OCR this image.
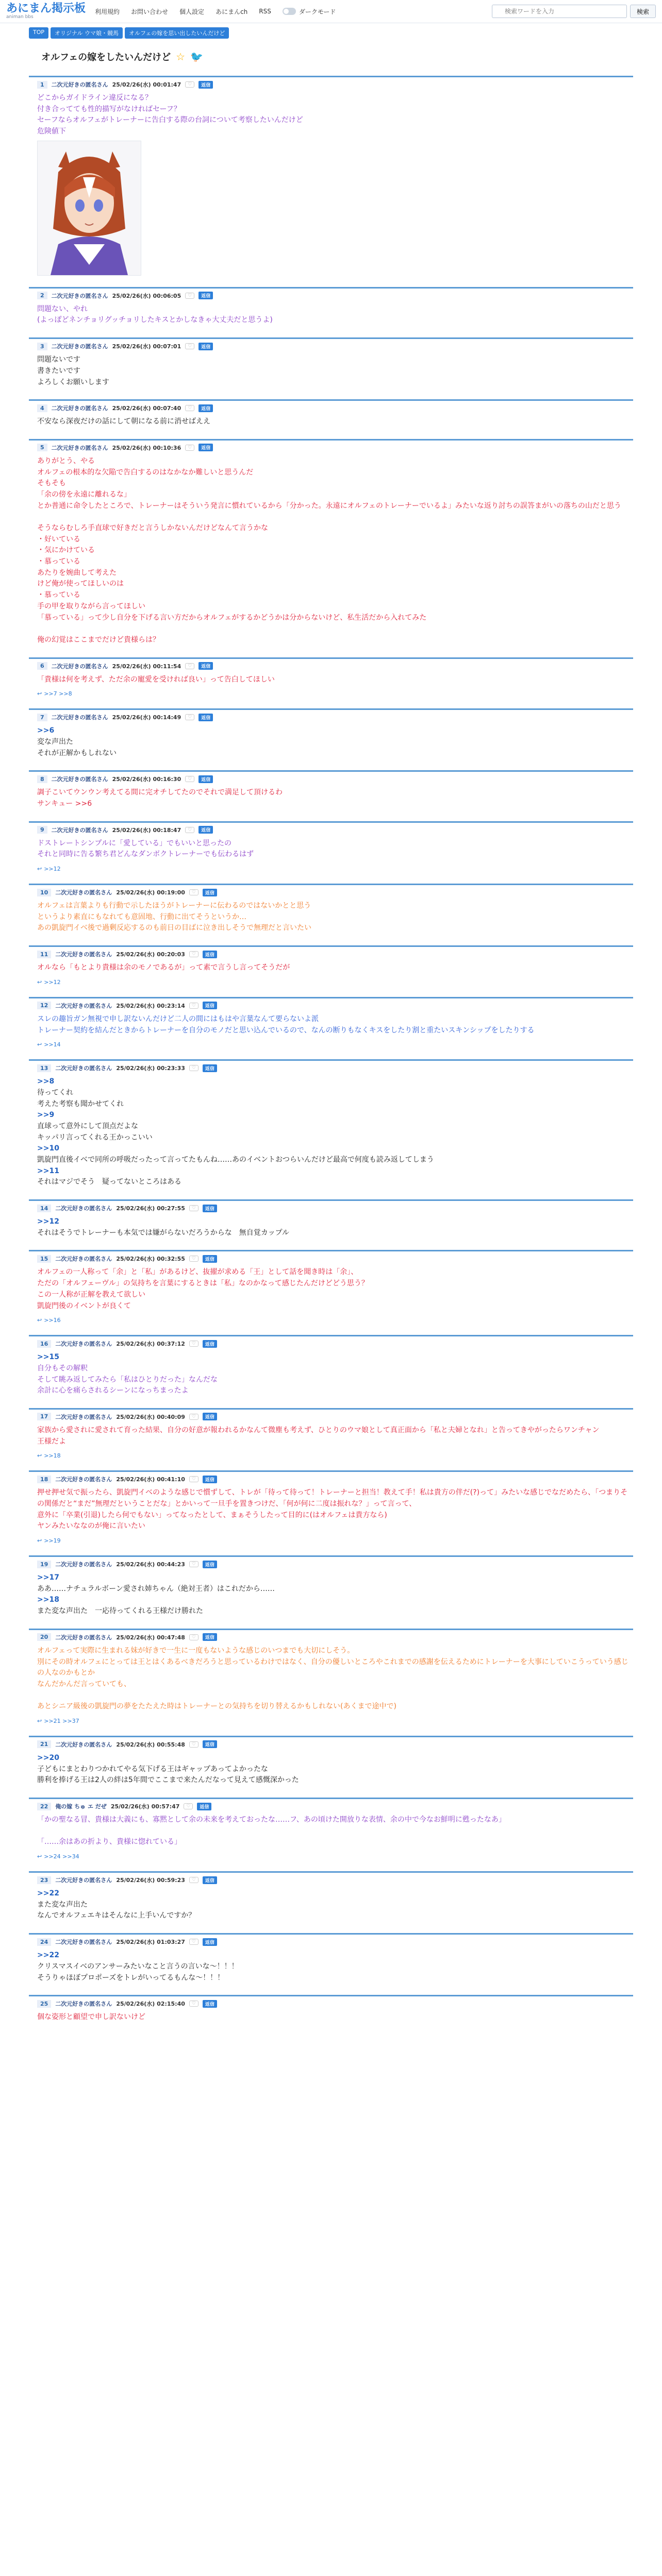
あにまん掲示板
animan bbs
利用規約 お問い合わせ 個人設定 あにまんch RSS	ダークモード
検索ワードを入力	検索
TOP	オリジナル ウマ娘・競馬	オルフェの嫁を思い出したいんだけど
オルフェの嫁をしたいんだけど ☆ 🐦
1	二次元好きの匿名さん 25/02/26(水) 00:01:47	♡	返信

どこからガイドライン違反になる？

付き合ってても性的描写がなければセーフ？

セーフならオルフェがトレーナーに告白する際の台詞について考察したいんだけど

危険値下

2	二次元好きの匿名さん 25/02/26(水) 00:06:05	♡	返信

問題ない、やれ

(よっぽどネンチョリグッチョリしたキスとかしなきゃ大丈夫だと思うよ)

3	二次元好きの匿名さん 25/02/26(水) 00:07:01	♡	返信

問題ないです

書きたいです

よろしくお願いします

4	二次元好きの匿名さん 25/02/26(水) 00:07:40	♡	返信

不安なら深夜だけの話にして朝になる前に消せばええ

5	二次元好きの匿名さん 25/02/26(水) 00:10:36	♡	返信

ありがとう、やる

オルフェの根本的な欠陥で告白するのはなかなか難しいと思うんだ

そもそも

「余の傍を永遠に離れるな」

とか普通に命令したところで、トレーナーはそういう発言に慣れているから「分かった。永遠にオルフェのトレーナーでいるよ」みたいな返り討ちの誤答まがいの落ちの山だと思う

そうならむしろ手直球で好きだと言うしかないんだけどなんて言うかな

・好いている

・気にかけている

・慕っている

あたりを婉曲して考えた

けど俺が使ってほしいのは

・慕っている

手の甲を取りながら言ってほしい

「慕っている」って少し自分を下げる言い方だからオルフェがするかどうかは分からないけど、私生活だから入れてみた

俺の幻覚はここまでだけど貴様らは？

6	二次元好きの匿名さん 25/02/26(水) 00:11:54	♡	返信

「貴様は何を考えず、ただ余の寵愛を受ければ良い」って告白してほしい

↩ >>7 >>8
7	二次元好きの匿名さん 25/02/26(水) 00:14:49	♡	返信

>>6

変な声出た

それが正解かもしれない

8	二次元好きの匿名さん 25/02/26(水) 00:16:30	♡	返信

調子こいてウンウン考えてる間に完オチしてたのでそれで満足して頂けるわ

サンキュー >>6

9	二次元好きの匿名さん 25/02/26(水) 00:18:47	♡	返信

ドストレートシンプルに「愛している」でもいいと思ったの

それと同時に告る繁ち君どんなダンボクトレーナーでも伝わるはず

↩ >>12
10	二次元好きの匿名さん 25/02/26(水) 00:19:00	♡	返信

オルフェは言葉よりも行動で示したほうがトレーナーに伝わるのではないかとと思う

というより素直にもなれても意固地、行動に出てそうというか…

あの凱旋門イベ後で過剰反応するのも前日の目ばに泣き出しそうで無理だと言いたい

11	二次元好きの匿名さん 25/02/26(水) 00:20:03	♡	返信

オルなら「もとより貴様は余のモノであるが」って素で言うし言ってそうだが

↩ >>12
12	二次元好きの匿名さん 25/02/26(水) 00:23:14	♡	返信

スレの趣旨ガン無視で申し訳ないんだけど二人の間にはもはや言葉なんて要らないよ派

トレーナー契約を結んだときからトレーナーを自分のモノだと思い込んでいるので、なんの断りもなくキスをしたり割と重たいスキンシップをしたりする

↩ >>14
13	二次元好きの匿名さん 25/02/26(水) 00:23:33	♡	返信

>>8

待ってくれ

考えた考察も聞かせてくれ

>>9

直球って意外にして頂点だよな

キッパリ言ってくれる王かっこいい

>>10

凱旋門直後イベで同所の呼吸だったって言ってたもんね……あのイベントおつらいんだけど最高で何度も読み返してしまう

>>11

それはマジでそう　疑ってないところはある

14	二次元好きの匿名さん 25/02/26(水) 00:27:55	♡	返信

>>12

それはそうでトレーナーも本気では嫌がらないだろうからな　無自覚カップル

15	二次元好きの匿名さん 25/02/26(水) 00:32:55	♡	返信

オルフェの一人称って「余」と「私」があるけど、抜擢が求める「王」として話を聞き時は「余」、

ただの「オルフェーヴル」の気持ちを言葉にするときは「私」なのかなって感じたんだけどどう思う？

この一人称が正解を教えて欲しい

凱旋門後のイベントが良くて

↩ >>16
16	二次元好きの匿名さん 25/02/26(水) 00:37:12	♡	返信

>>15

自分もその解釈

そして眺み返してみたら「私はひとりだった」なんだな

余計に心を痛らされるシーンになっちまったよ

17	二次元好きの匿名さん 25/02/26(水) 00:40:09	♡	返信

家族から愛されに愛されて育った結果、自分の好意が報われるかなんて微塵も考えず、ひとりのウマ娘として真正面から「私と夫婦となれ」と告ってきやがったらワンチャン

王様だよ

↩ >>18
18	二次元好きの匿名さん 25/02/26(水) 00:41:10	♡	返信

押せ押せ気で振ったら、凱旋門イベのような感じで慣ずして、トレが「待って待って！トレーナーと担当！教えて手！私は貴方の伴だ(?)って」みたいな感じでなだめたら、「つまりその関係だと“まだ”無理だということだな」とかいって一旦手を置きつけだ、「何が何に二度は振れな？」って言って、

意外に「卒業(引退)したら何でもない」ってなったとして、まぁそうしたって目的に(はオルフェは貴方なら)

ヤンみたいななのが俺に言いたい

↩ >>19
19	二次元好きの匿名さん 25/02/26(水) 00:44:23	♡	返信

>>17

ああ……ナチュラルボーン愛され姉ちゃん（絶対王者）はこれだから……

>>18

また変な声出た　一応待ってくれる王様だけ勝れた

20	二次元好きの匿名さん 25/02/26(水) 00:47:48	♡	返信

オルフェって実際に生まれる妹が好きで一生に一度もないような感じのいつまでも大切にしそう。

別にその時オルフェにとっては王とはくあるべきだろうと思っているわけではなく、自分の優しいところやこれまでの感謝を伝えるためにトレーナーを大事にしていこうっていう感じの人なのかもとか

なんだかんだ言っていても、

あとシニア級後の凱旋門の夢をたたえた時はトレーナーとの気持ちを切り替えるかもしれない(あくまで途中で)

↩ >>21 >>37
21	二次元好きの匿名さん 25/02/26(水) 00:55:48	♡	返信

>>20

子どもにまとわりつかれてやる気下げる王はギャップあってよかったな

勝利を捧げる王は2人の絆は5年間でここまで来たんだなって見えて感慨深かった

22	俺の嫁 ちゅ エ だぜ 25/02/26(水) 00:57:47	♡	返信

「かの聖なる冒、貴様は大義にも、寡黙として余の未来を考えておったな……フ、あの頃けた開放りな表情、余の中で今なお鮮明に甦ったなあ」

「……余はあの折より、貴様に惚れている」

↩ >>24 >>34
23	二次元好きの匿名さん 25/02/26(水) 00:59:23	♡	返信

>>22

また変な声出た

なんでオルフェエキはそんなに上手いんですか？

24	二次元好きの匿名さん 25/02/26(水) 01:03:27	♡	返信

>>22

クリスマスイベのアンサーみたいなこと言うの言いな～！！！

そうりゃほぼプロポーズをトレがいってるもんな～！！！

25	二次元好きの匿名さん 25/02/26(水) 02:15:40	♡	返信

個な姿形と顧望で申し訳ないけど
